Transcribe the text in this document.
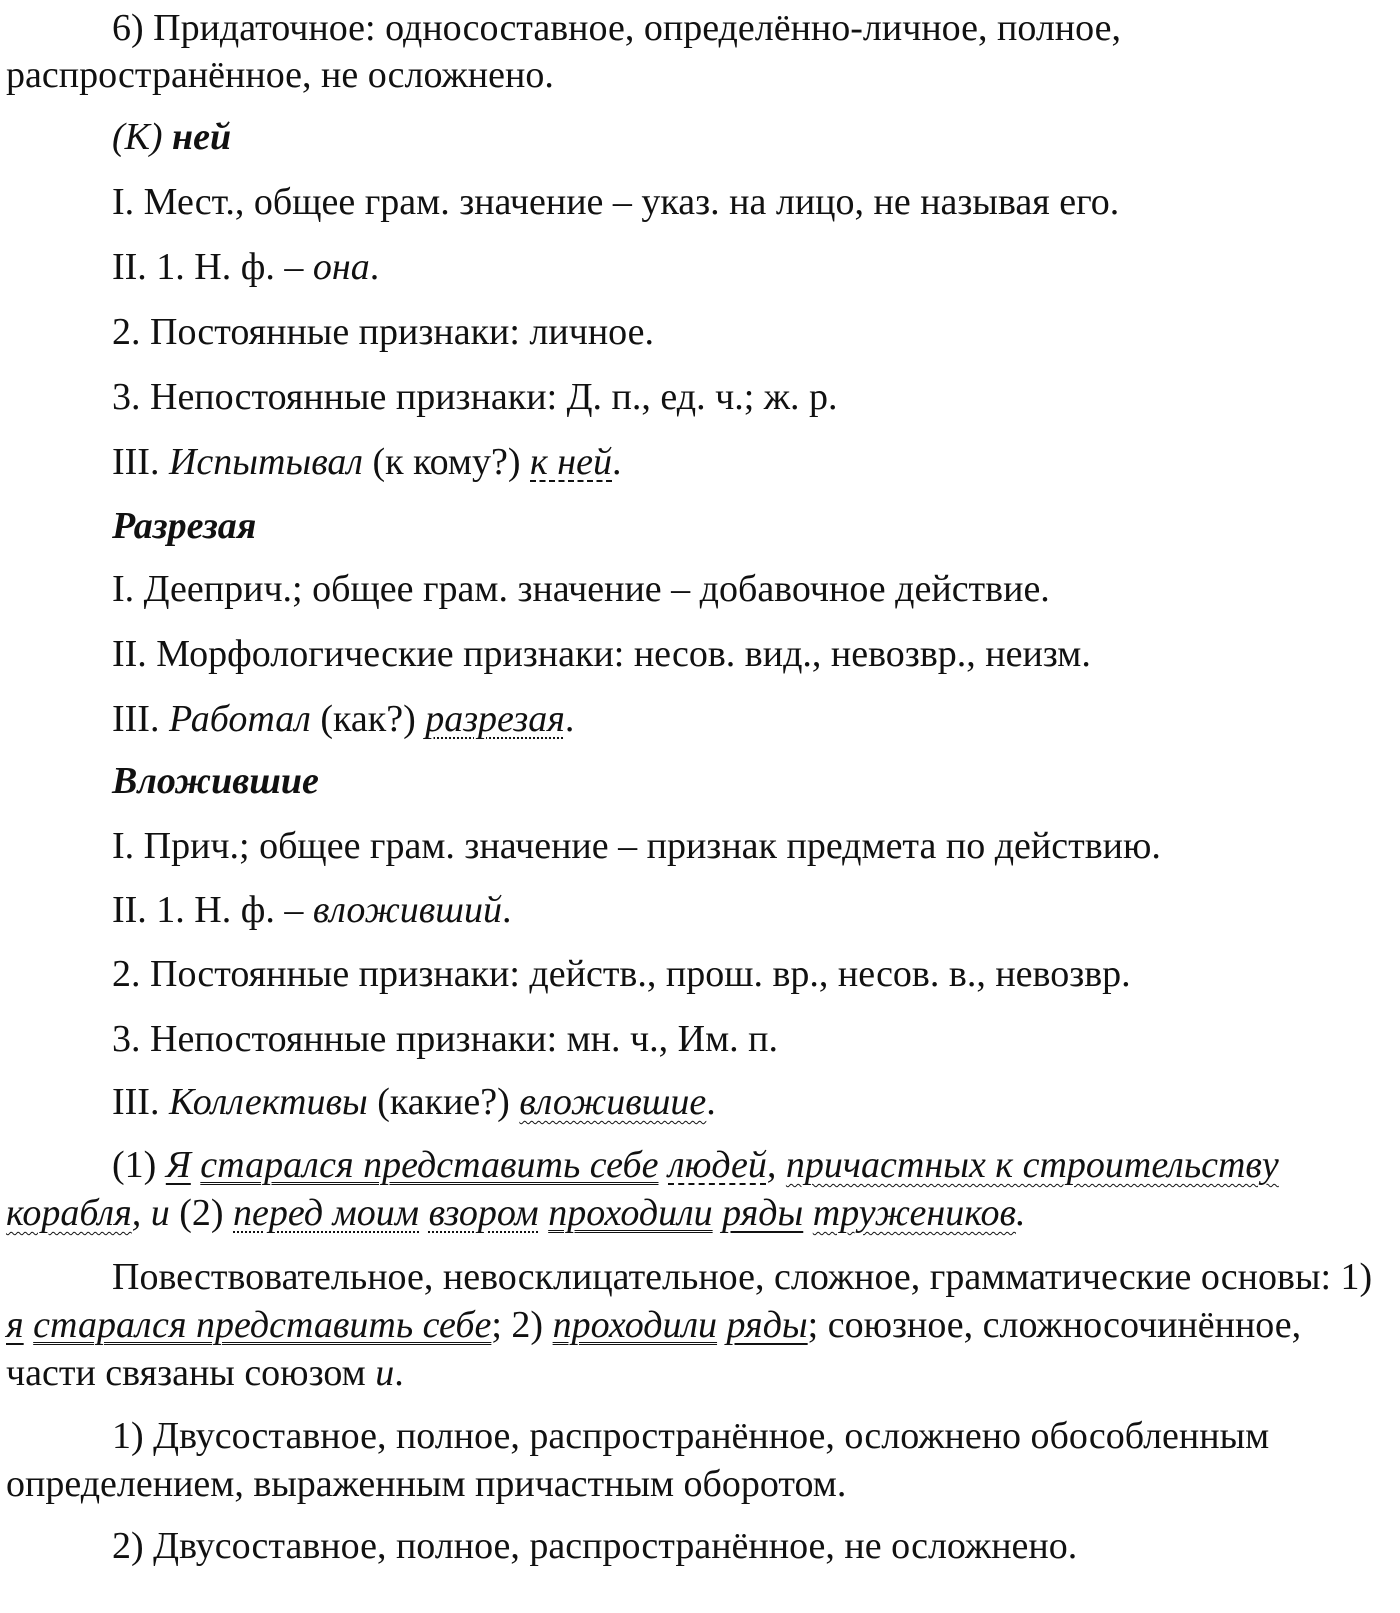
6) Придаточное: односоставное, определённо-личное, полное,

распространённое, не осложнено.

(К) ней

I. Мест., общее грам. значение – указ. на лицо, не называя его.

II. 1. Н. ф. – она.

2. Постоянные признаки: личное.

3. Непостоянные признаки: Д. п., ед. ч.; ж. р.

III. Испытывал (к кому?) к ней.

Разрезая

I. Дееприч.; общее грам. значение – добавочное действие.

II. Морфологические признаки: несов. вид., невозвр., неизм.

III. Работал (как?) разрезая.

Вложившие

I. Прич.; общее грам. значение – признак предмета по действию.

II. 1. Н. ф. – вложивший.

2. Постоянные признаки: действ., прош. вр., несов. в., невозвр.

3. Непостоянные признаки: мн. ч., Им. п.

III. Коллективы (какие?) вложившие.

(1) Я старался представить себе людей, причастных к строительству корабля, и (2) перед моим взором проходили ряды тружеников.

Повествовательное, невосклицательное, сложное, грамматические основы: 1) я старался представить себе; 2) проходили ряды; союзное, сложносочинённое, части связаны союзом и.

1) Двусоставное, полное, распространённое, осложнено обособленным определением, выраженным причастным оборотом.

2) Двусоставное, полное, распространённое, не осложнено.
